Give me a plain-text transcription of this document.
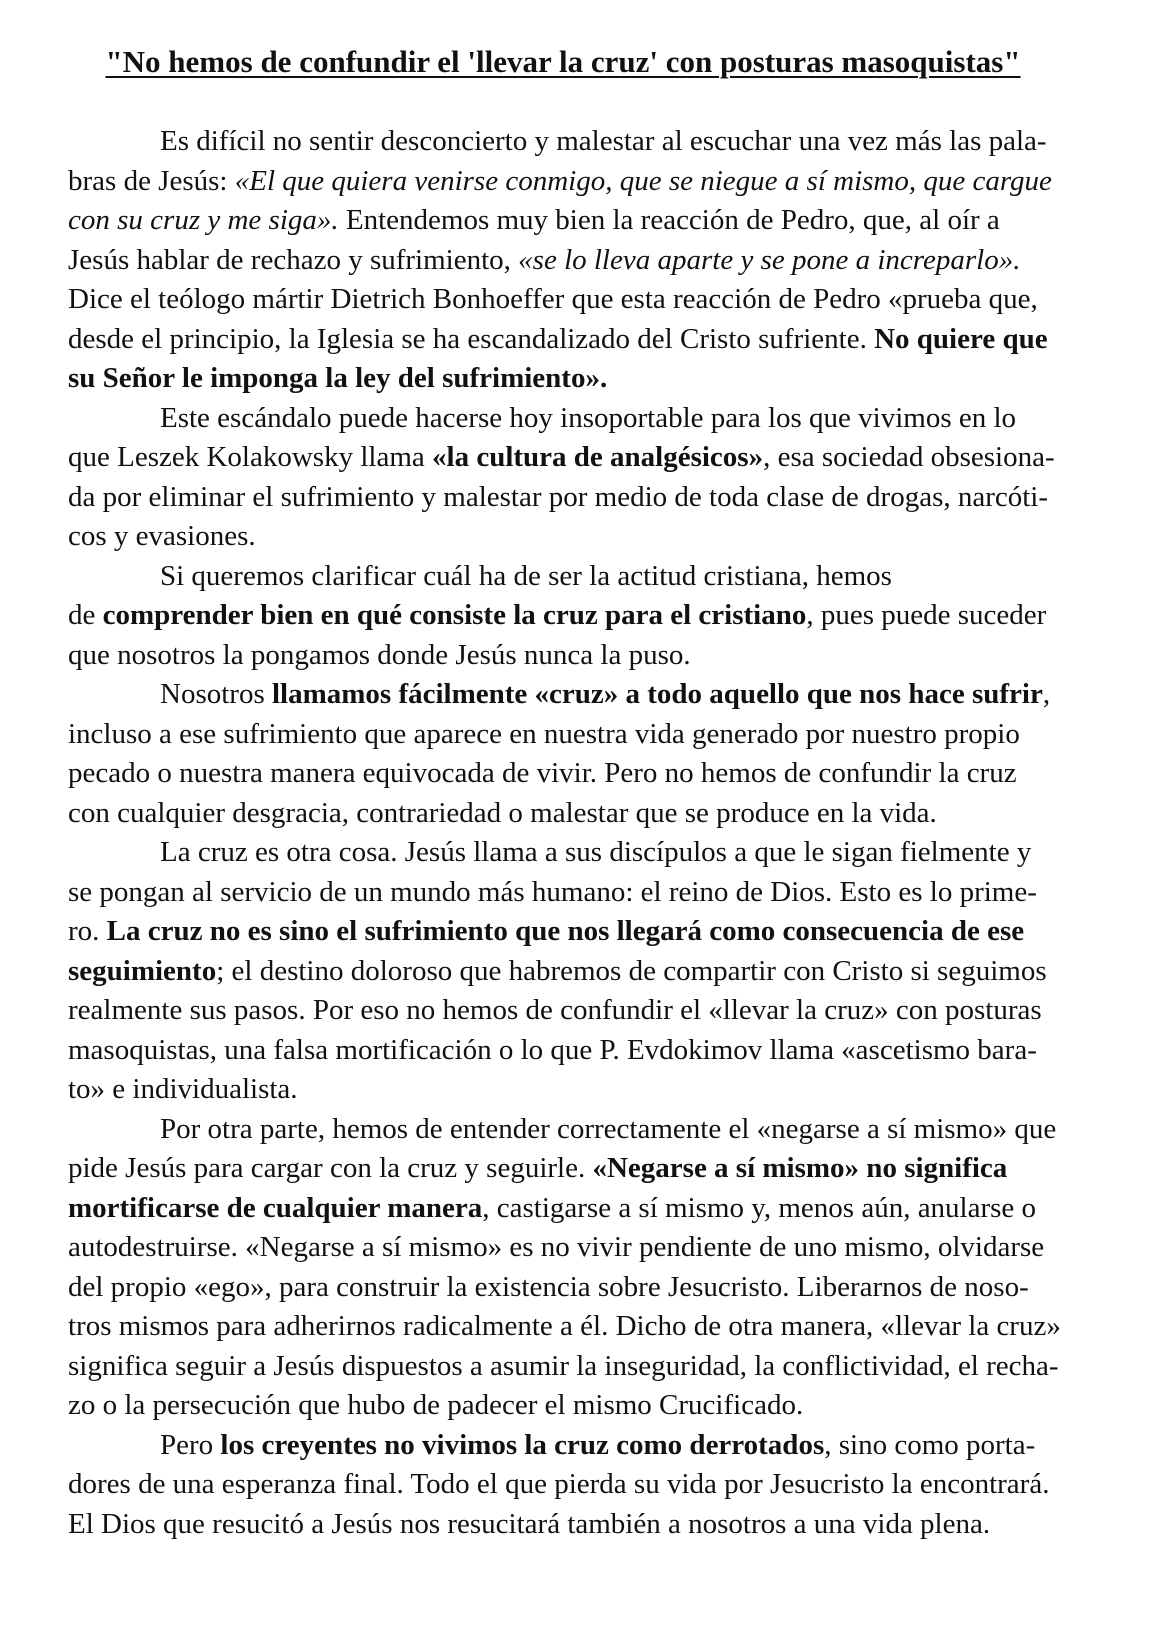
"No hemos de confundir el 'llevar la cruz' con posturas masoquistas"
Es difícil no sentir desconcierto y malestar al escuchar una vez más las pala-
bras de Jesús: «El que quiera venirse conmigo, que se niegue a sí mismo, que cargue
con su cruz y me siga». Entendemos muy bien la reacción de Pedro, que, al oír a
Jesús hablar de rechazo y sufrimiento, «se lo lleva aparte y se pone a increparlo».
Dice el teólogo mártir Dietrich Bonhoeffer que esta reacción de Pedro «prueba que,
desde el principio, la Iglesia se ha escandalizado del Cristo sufriente. No quiere que
su Señor le imponga la ley del sufrimiento».
Este escándalo puede hacerse hoy insoportable para los que vivimos en lo
que Leszek Kolakowsky llama «la cultura de analgésicos», esa sociedad obsesiona-
da por eliminar el sufrimiento y malestar por medio de toda clase de drogas, narcóti-
cos y evasiones.
Si queremos clarificar cuál ha de ser la actitud cristiana, hemos
de comprender bien en qué consiste la cruz para el cristiano, pues puede suceder
que nosotros la pongamos donde Jesús nunca la puso.
Nosotros llamamos fácilmente «cruz» a todo aquello que nos hace sufrir,
incluso a ese sufrimiento que aparece en nuestra vida generado por nuestro propio
pecado o nuestra manera equivocada de vivir. Pero no hemos de confundir la cruz
con cualquier desgracia, contrariedad o malestar que se produce en la vida.
La cruz es otra cosa. Jesús llama a sus discípulos a que le sigan fielmente y
se pongan al servicio de un mundo más humano: el reino de Dios. Esto es lo prime-
ro. La cruz no es sino el sufrimiento que nos llegará como consecuencia de ese
seguimiento; el destino doloroso que habremos de compartir con Cristo si seguimos
realmente sus pasos. Por eso no hemos de confundir el «llevar la cruz» con posturas
masoquistas, una falsa mortificación o lo que P. Evdokimov llama «ascetismo bara-
to» e individualista.
Por otra parte, hemos de entender correctamente el «negarse a sí mismo» que
pide Jesús para cargar con la cruz y seguirle. «Negarse a sí mismo» no significa
mortificarse de cualquier manera, castigarse a sí mismo y, menos aún, anularse o
autodestruirse. «Negarse a sí mismo» es no vivir pendiente de uno mismo, olvidarse
del propio «ego», para construir la existencia sobre Jesucristo. Liberarnos de noso-
tros mismos para adherirnos radicalmente a él. Dicho de otra manera, «llevar la cruz»
significa seguir a Jesús dispuestos a asumir la inseguridad, la conflictividad, el recha-
zo o la persecución que hubo de padecer el mismo Crucificado.
Pero los creyentes no vivimos la cruz como derrotados, sino como porta-
dores de una esperanza final. Todo el que pierda su vida por Jesucristo la encontrará.
El Dios que resucitó a Jesús nos resucitará también a nosotros a una vida plena.
